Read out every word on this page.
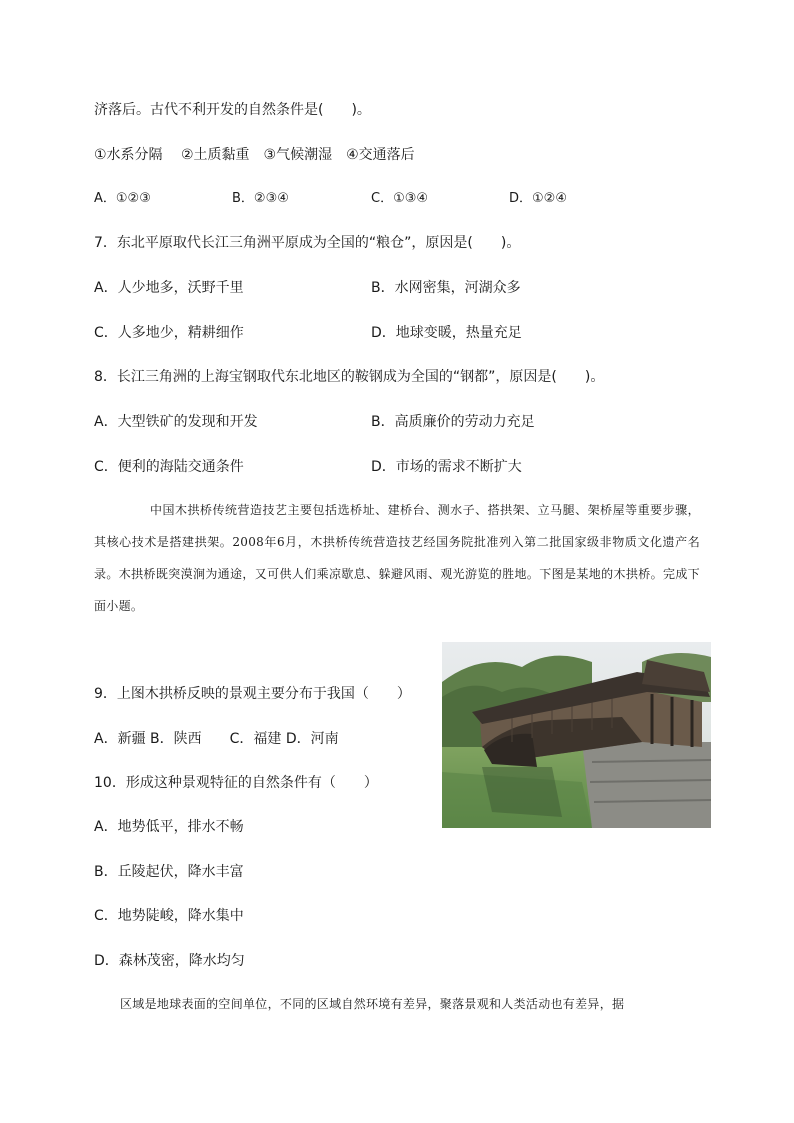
济落后。古代不利开发的自然条件是(　　)。
①水系分隔　 ②土质黏重　③气候潮湿　④交通落后
A．①②③	B．②③④	C．①③④	D．①②④
7．东北平原取代长江三角洲平原成为全国的“粮仓”，原因是(　　)。
A．人少地多，沃野千里	B．水网密集，河湖众多
C．人多地少，精耕细作	D．地球变暖，热量充足
8．长江三角洲的上海宝钢取代东北地区的鞍钢成为全国的“钢都”，原因是(　　)。
A．大型铁矿的发现和开发	B．高质廉价的劳动力充足
C．便利的海陆交通条件	D．市场的需求不断扩大
中国木拱桥传统营造技艺主要包括选桥址、建桥台、测水子、搭拱架、立马腿、架桥屋等重要步骤，其核心技术是搭建拱架。2008年6月，木拱桥传统营造技艺经国务院批准列入第二批国家级非物质文化遗产名录。木拱桥既突漠涧为通途，又可供人们乘凉歇息、躲避风雨、观光游览的胜地。下图是某地的木拱桥。完成下面小题。
9．上图木拱桥反映的景观主要分布于我国（　　）
A．新疆 B．陕西　　C．福建 D．河南
10．形成这种景观特征的自然条件有（　　）
A．地势低平，排水不畅
B．丘陵起伏，降水丰富
C．地势陡峻，降水集中
D．森林茂密，降水均匀
区域是地球表面的空间单位，不同的区域自然环境有差异，聚落景观和人类活动也有差异，据
